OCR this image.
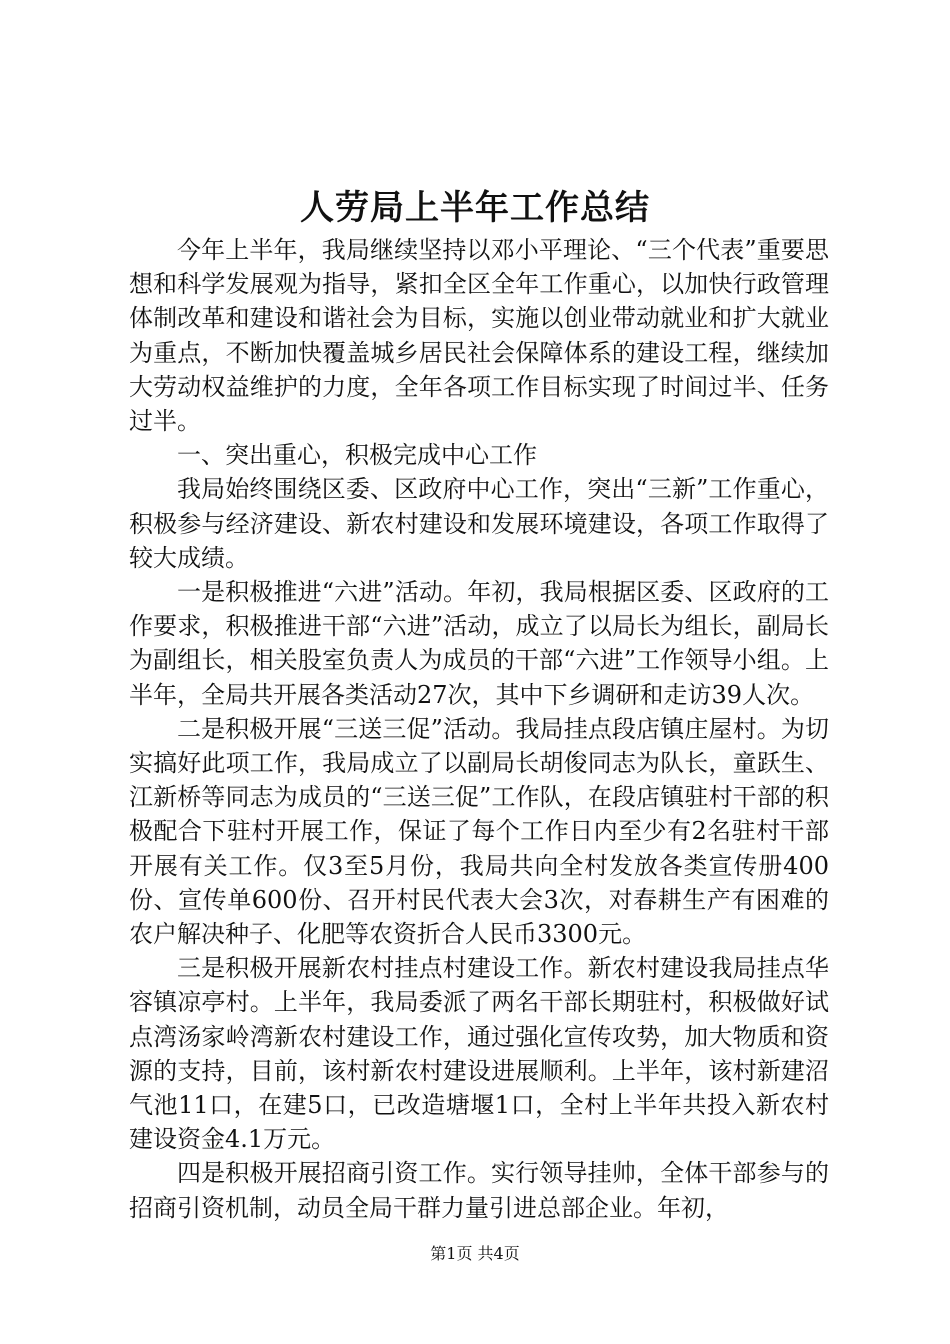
人劳局上半年工作总结

今年上半年，我局继续坚持以邓小平理论、“三个代表”重要思想和科学发展观为指导，紧扣全区全年工作重心，以加快行政管理体制改革和建设和谐社会为目标，实施以创业带动就业和扩大就业为重点，不断加快覆盖城乡居民社会保障体系的建设工程，继续加大劳动权益维护的力度，全年各项工作目标实现了时间过半、任务过半。

一、突出重心，积极完成中心工作

我局始终围绕区委、区政府中心工作，突出“三新”工作重心，积极参与经济建设、新农村建设和发展环境建设，各项工作取得了较大成绩。

一是积极推进“六进”活动。年初，我局根据区委、区政府的工作要求，积极推进干部“六进”活动，成立了以局长为组长，副局长为副组长，相关股室负责人为成员的干部“六进”工作领导小组。上半年，全局共开展各类活动27次，其中下乡调研和走访39人次。

二是积极开展“三送三促”活动。我局挂点段店镇庄屋村。为切实搞好此项工作，我局成立了以副局长胡俊同志为队长，童跃生、江新桥等同志为成员的“三送三促”工作队，在段店镇驻村干部的积极配合下驻村开展工作，保证了每个工作日内至少有2名驻村干部开展有关工作。仅3至5月份，我局共向全村发放各类宣传册400份、宣传单600份、召开村民代表大会3次，对春耕生产有困难的农户解决种子、化肥等农资折合人民币3300元。

三是积极开展新农村挂点村建设工作。新农村建设我局挂点华容镇凉亭村。上半年，我局委派了两名干部长期驻村，积极做好试点湾汤家岭湾新农村建设工作，通过强化宣传攻势，加大物质和资源的支持，目前，该村新农村建设进展顺利。上半年，该村新建沼气池11口，在建5口，已改造塘堰1口，全村上半年共投入新农村建设资金4.1万元。

四是积极开展招商引资工作。实行领导挂帅，全体干部参与的招商引资机制，动员全局干群力量引进总部企业。年初，

第1页 共4页
